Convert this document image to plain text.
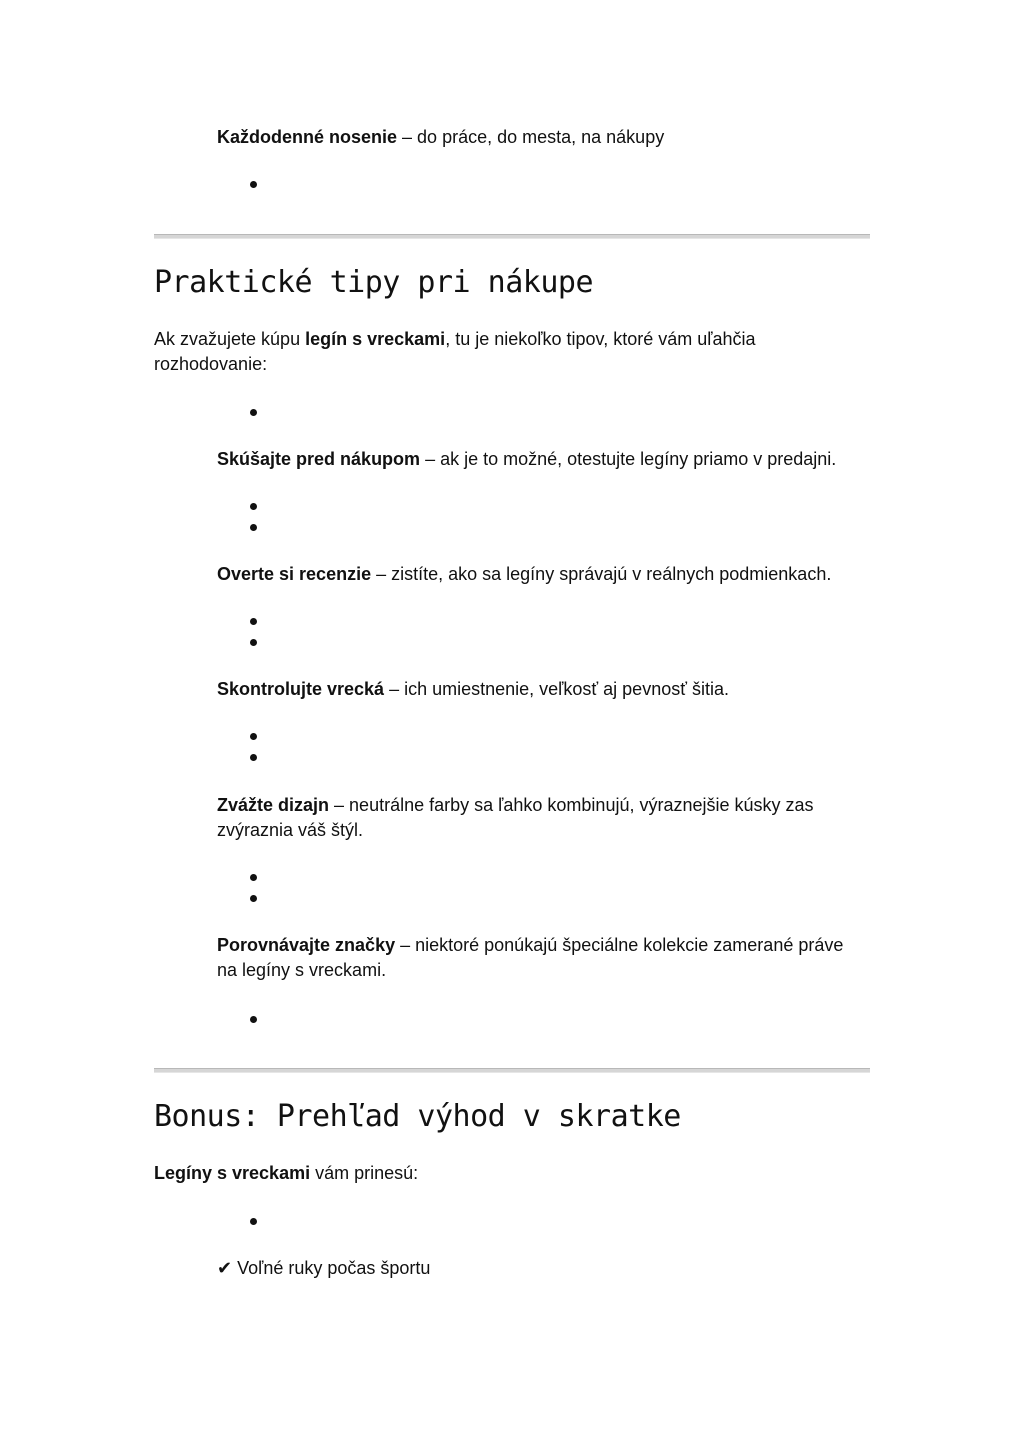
Každodenné nosenie – do práce, do mesta, na nákupy
Praktické tipy pri nákupe
Ak zvažujete kúpu legín s vreckami, tu je niekoľko tipov, ktoré vám uľahčia
rozhodovanie:
Skúšajte pred nákupom – ak je to možné, otestujte legíny priamo v predajni.
Overte si recenzie – zistíte, ako sa legíny správajú v reálnych podmienkach.
Skontrolujte vrecká – ich umiestnenie, veľkosť aj pevnosť šitia.
Zvážte dizajn – neutrálne farby sa ľahko kombinujú, výraznejšie kúsky zas
zvýraznia váš štýl.
Porovnávajte značky – niektoré ponúkajú špeciálne kolekcie zamerané práve
na legíny s vreckami.
Bonus: Prehľad výhod v skratke
Legíny s vreckami vám prinesú:
✔ Voľné ruky počas športu
